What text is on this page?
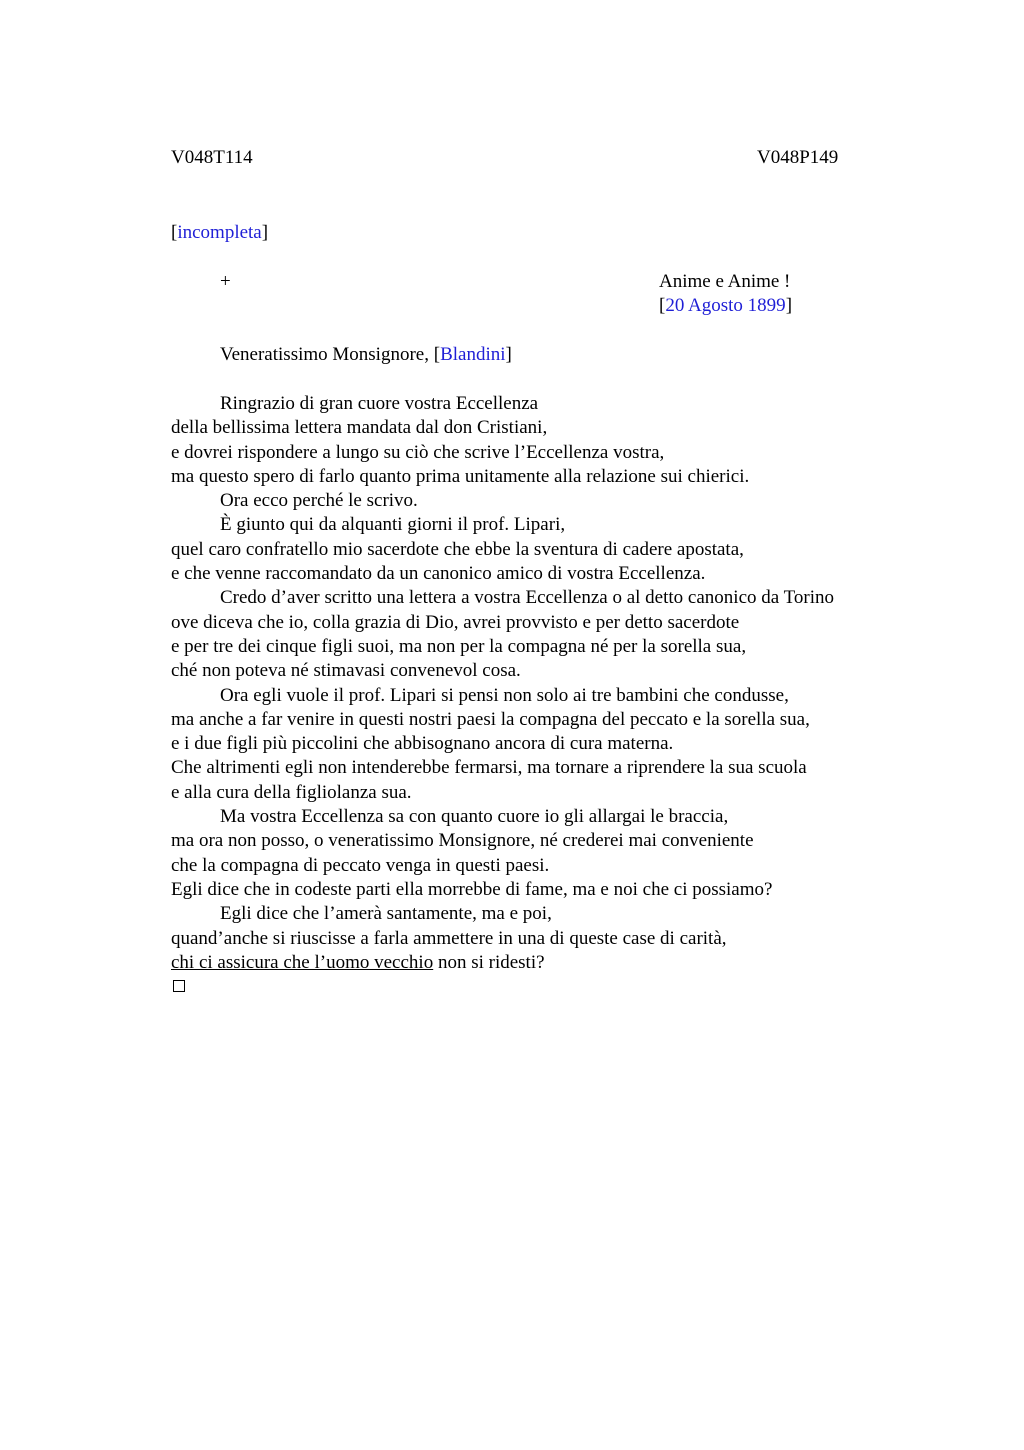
V048T114	V048P149
[incompleta]
+	Anime e Anime !
[20 Agosto 1899]
Veneratissimo Monsignore, [Blandini]
Ringrazio di gran cuore vostra Eccellenza
della bellissima lettera mandata dal don Cristiani,
e dovrei rispondere a lungo su ciò che scrive l’Eccellenza vostra,
ma questo spero di farlo quanto prima unitamente alla relazione sui chierici.
Ora ecco perché le scrivo.
È giunto qui da alquanti giorni il prof. Lipari,
quel caro confratello mio sacerdote che ebbe la sventura di cadere apostata,
e che venne raccomandato da un canonico amico di vostra Eccellenza.
Credo d’aver scritto una lettera a vostra Eccellenza o al detto canonico da Torino
ove diceva che io, colla grazia di Dio, avrei provvisto e per detto sacerdote
e per tre dei cinque figli suoi, ma non per la compagna né per la sorella sua,
ché non poteva né stimavasi convenevol cosa.
Ora egli vuole il prof. Lipari si pensi non solo ai tre bambini che condusse,
ma anche a far venire in questi nostri paesi la compagna del peccato e la sorella sua,
e i due figli più piccolini che abbisognano ancora di cura materna.
Che altrimenti egli non intenderebbe fermarsi, ma tornare a riprendere la sua scuola
e alla cura della figliolanza sua.
Ma vostra Eccellenza sa con quanto cuore io gli allargai le braccia,
ma ora non posso, o veneratissimo Monsignore, né crederei mai conveniente
che la compagna di peccato venga in questi paesi.
Egli dice che in codeste parti ella morrebbe di fame, ma e noi che ci possiamo?
Egli dice che l’amerà santamente, ma e poi,
quand’anche si riuscisse a farla ammettere in una di queste case di carità,
chi ci assicura che l’uomo vecchio non si ridesti?
